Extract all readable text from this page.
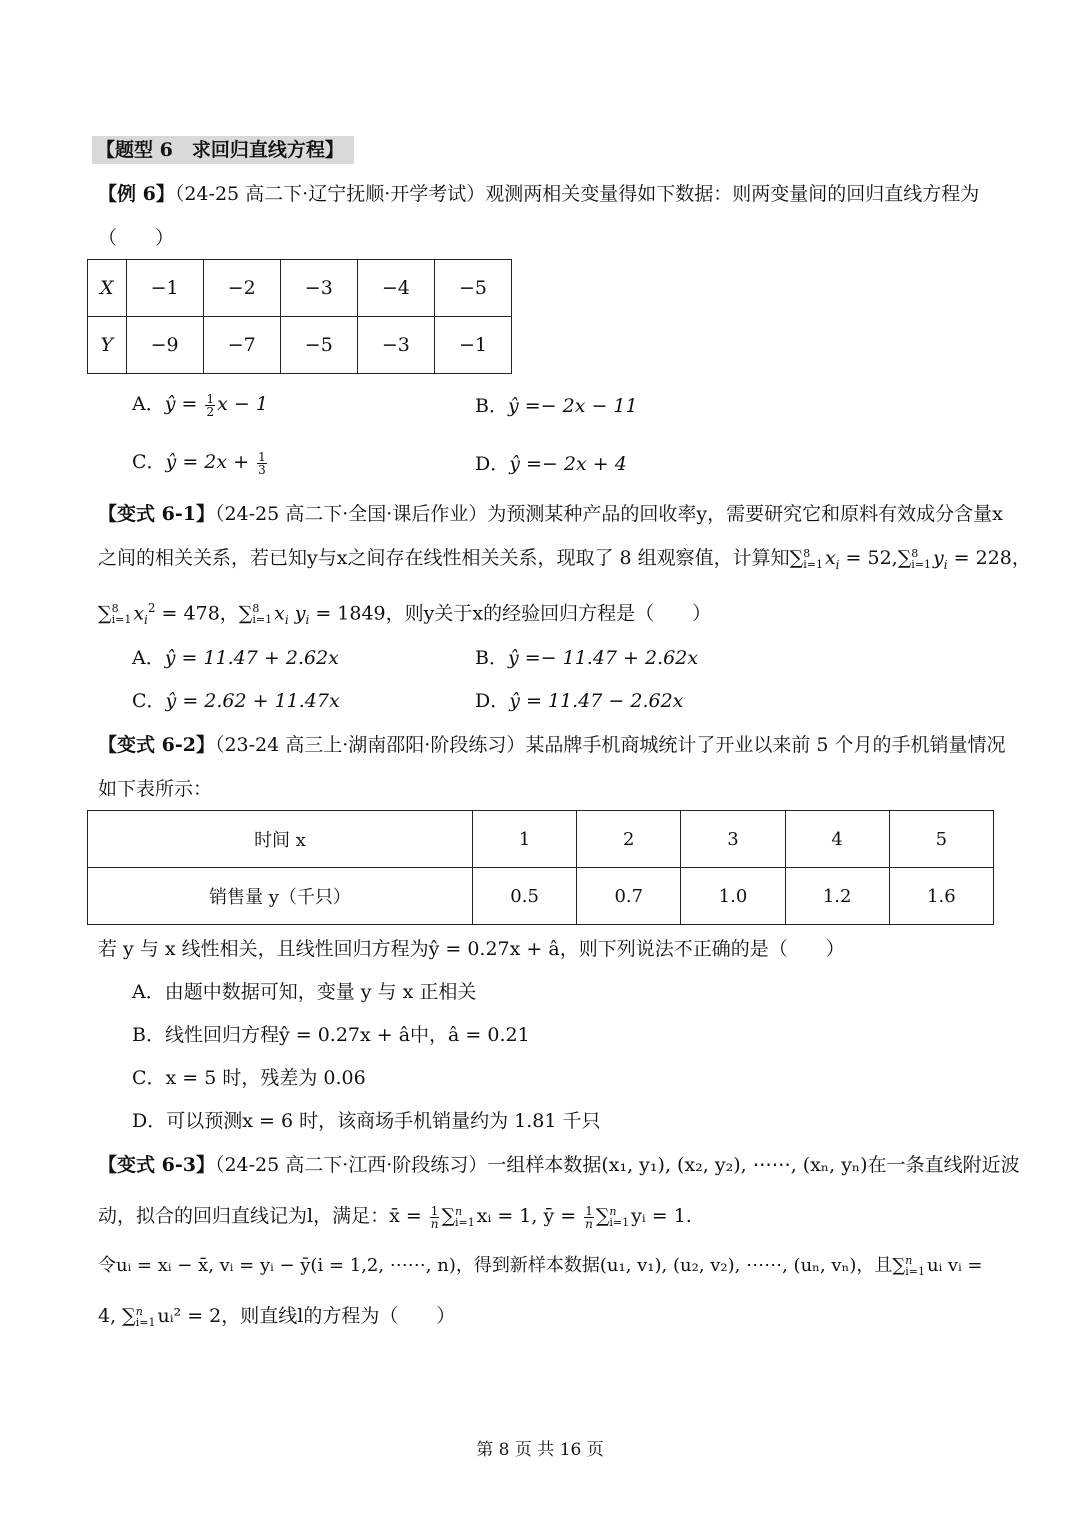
【题型 6　求回归直线方程】
【例 6】（24-25 高二下·辽宁抚顺·开学考试）观测两相关变量得如下数据：则两变量间的回归直线方程为
（　　）
X	−1	−2	−3	−4	−5
Y	−9	−7	−5	−3	−1
A．ŷ = $\frac{1}{2}$ x − 1	B．ŷ =− 2x − 11
C．ŷ = $2x + \frac{1}{3}$	D．ŷ =− 2x + 4
【变式 6-1】（24-25 高二下·全国·课后作业）为预测某种产品的回收率y，需要研究它和原料有效成分含量x
之间的相关关系，若已知y与x之间存在线性相关关系，现取了 8 组观察值，计算知∑ 8
i=1 $x_i = 52,\sum$ 8
i=1 $y_i = 228$，
∑ 8
i=1 $x_i^2 = 478$，∑ 8
i=1 $x_i$ $y_i = 1849$，则y关于x的经验回归方程是（　　）
A．ŷ = 11.47 + 2.62x	B．ŷ =− 11.47 + 2.62x
C．ŷ = 2.62 + 11.47x	D．ŷ = 11.47 − 2.62x
【变式 6-2】（23-24 高三上·湖南邵阳·阶段练习）某品牌手机商城统计了开业以来前 5 个月的手机销量情况
如下表所示：
时间 x	1	2	3	4	5
销售量 y（千只）	0.5	0.7	1.0	1.2	1.6
若 y 与 x 线性相关，且线性回归方程为ŷ = 0.27x + â，则下列说法不正确的是（　　）
A．由题中数据可知，变量 y 与 x 正相关
B．线性回归方程ŷ = 0.27x + â中，â = 0.21
C．x = 5 时，残差为 0.06
D．可以预测x = 6 时，该商场手机销量约为 1.81 千只
【变式 6-3】（24-25 高二下·江西·阶段练习）一组样本数据(x₁, y₁), (x₂, y₂), ⋯⋯, (xₙ, yₙ)在一条直线附近波
动，拟合的回归直线记为l，满足：x̄ = $\frac{1}{n}$ ∑ n
i=1 xᵢ = 1, ȳ = $\frac{1}{n}$ ∑ n
i=1 yᵢ = 1.
令uᵢ = xᵢ − x̄, vᵢ = yᵢ − ȳ(i = 1,2, ⋯⋯, n)，得到新样本数据(u₁, v₁), (u₂, v₂), ⋯⋯, (uₙ, vₙ)，且∑ n
i=1 uᵢ vᵢ =
4, ∑ n
i=1 uᵢ² = 2，则直线l的方程为（　　）
第 8 页 共 16 页
